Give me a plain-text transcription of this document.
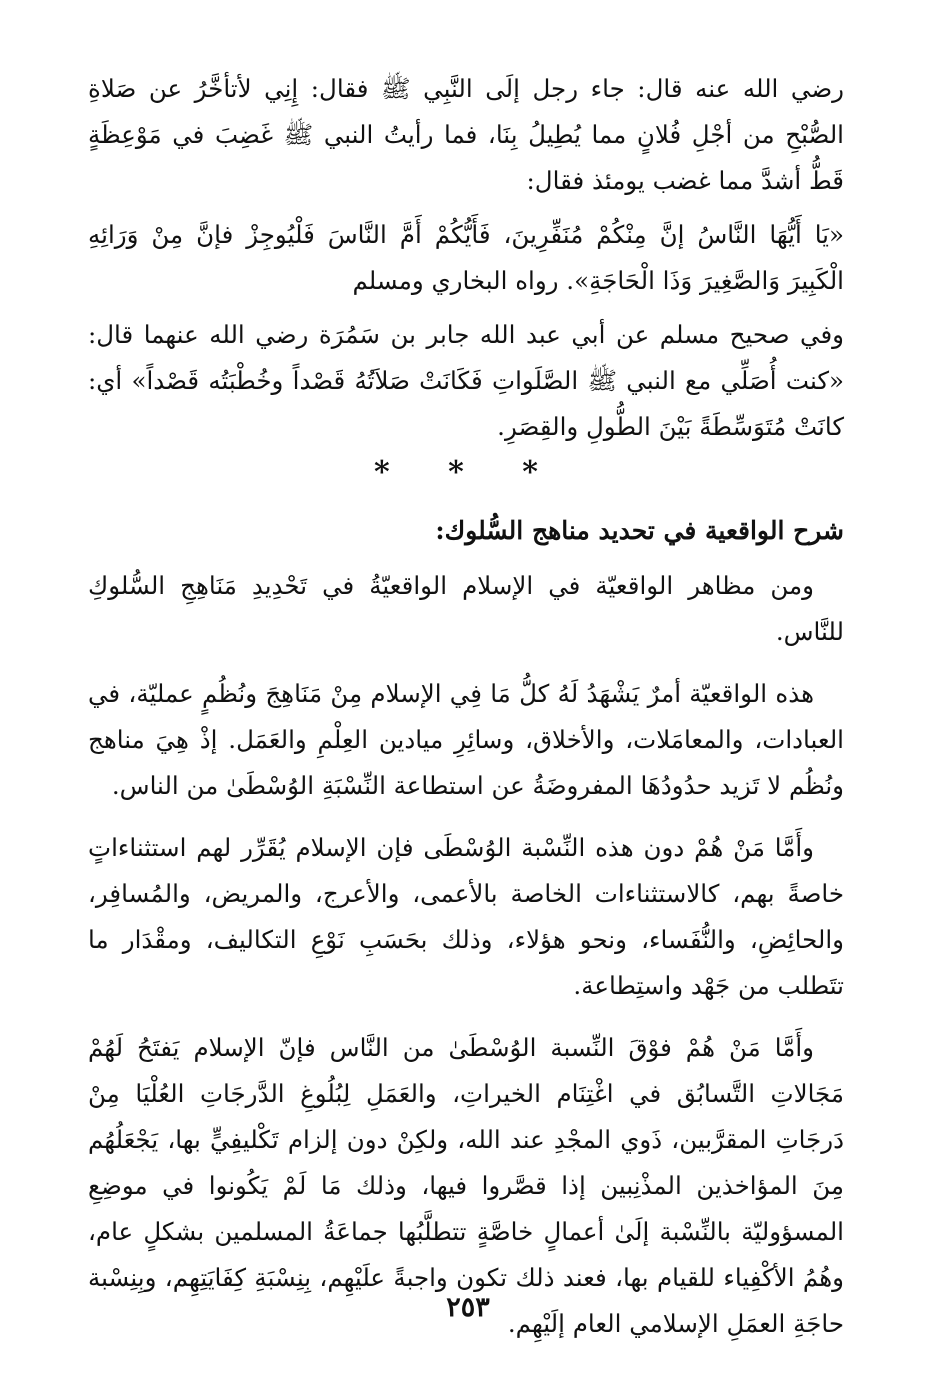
رضي الله عنه قال: جاء رجل إلَى النَّبِي ﷺ فقال: إِنِي لأتأخَّرُ عن صَلاةِ الصُّبْحِ من أجْلِ فُلانٍ مما يُطِيلُ بِنَا، فما رأيتُ النبي ﷺ غَضِبَ في مَوْعِظَةٍ قَطُّ أشدَّ مما غضب يومئذ فقال:

«يَا أَيُّهَا النَّاسُ إنَّ مِنْكُمْ مُنَفِّرِينَ، فَأَيُّكُمْ أَمَّ النَّاسَ فَلْيُوجِزْ فإنَّ مِنْ وَرَائِهِ الْكَبِيرَ وَالصَّغِيرَ وَذَا الْحَاجَةِ». رواه البخاري ومسلم

وفي صحيح مسلم عن أبي عبد الله جابر بن سَمُرَة رضي الله عنهما قال: «كنت أُصَلِّي مع النبي ﷺ الصَّلَواتِ فَكَانَتْ صَلاَتُهُ قَصْداً وخُطْبَتُه قَصْداً» أي: كانَتْ مُتَوَسِّطَةً بَيْنَ الطُّولِ والقِصَرِ.

* * *
شرح الواقعية في تحديد مناهج السُّلوك:

ومن مظاهر الواقعيّة في الإسلام الواقعيّةُ في تَحْدِيدِ مَنَاهِجِ السُّلوكِ للنَّاس.

هذه الواقعيّة أمرٌ يَشْهَدُ لَهُ كلُّ مَا فِي الإسلام مِنْ مَنَاهِجَ ونُظُمٍ عمليّة، في العبادات، والمعامَلات، والأخلاق، وسائِرِ ميادين العِلْمِ والعَمَل. إذْ هِيَ مناهج ونُظُم لا تَزيد حدُودُهَا المفروضَةُ عن استطاعة النِّسْبَةِ الوُسْطَىٰ من الناس.

وأَمَّا مَنْ هُمْ دون هذه النِّسْبة الوُسْطَى فإن الإسلام يُقَرِّر لهم استثناءاتٍ خاصةً بهم، كالاستثناءات الخاصة بالأعمى، والأعرج، والمريض، والمُسافِر، والحائِضِ، والنُّفَساء، ونحو هؤلاء، وذلك بحَسَبِ نَوْعِ التكاليف، ومقْدَار ما تتَطلب من جَهْد واستِطاعة.

وأَمَّا مَنْ هُمْ فوْقَ النِّسبة الوُسْطَىٰ من النَّاس فإنّ الإسلام يَفتَحُ لَهُمْ مَجَالاتِ التَّسابُق في اغْتِنَام الخيراتِ، والعَمَلِ لِبُلُوغِ الدَّرجَاتِ العُلْيَا مِنْ دَرجَاتِ المقرَّبين، ذَوي المجْدِ عند الله، ولكِنْ دون إلزام تَكْليفِيٍّ بها، يَجْعَلُهُم مِنَ المؤاخذين المذْنِبين إذا قصَّروا فيها، وذلك مَا لَمْ يَكُونوا في موضِعِ المسؤوليّة بالنِّسْبة إلَىٰ أعمالٍ خاصَّةٍ تتطلَّبُها جماعَةُ المسلمين بشكلٍ عام، وهُمُ الأكْفِياء للقيام بها، فعند ذلك تكون واجبةً علَيْهِم، بِنِسْبَةِ كِفَايَتِهِم، وبِنِسْبة حاجَةِ العمَلِ الإسلامي العام إلَيْهِم.

٢٥٣
